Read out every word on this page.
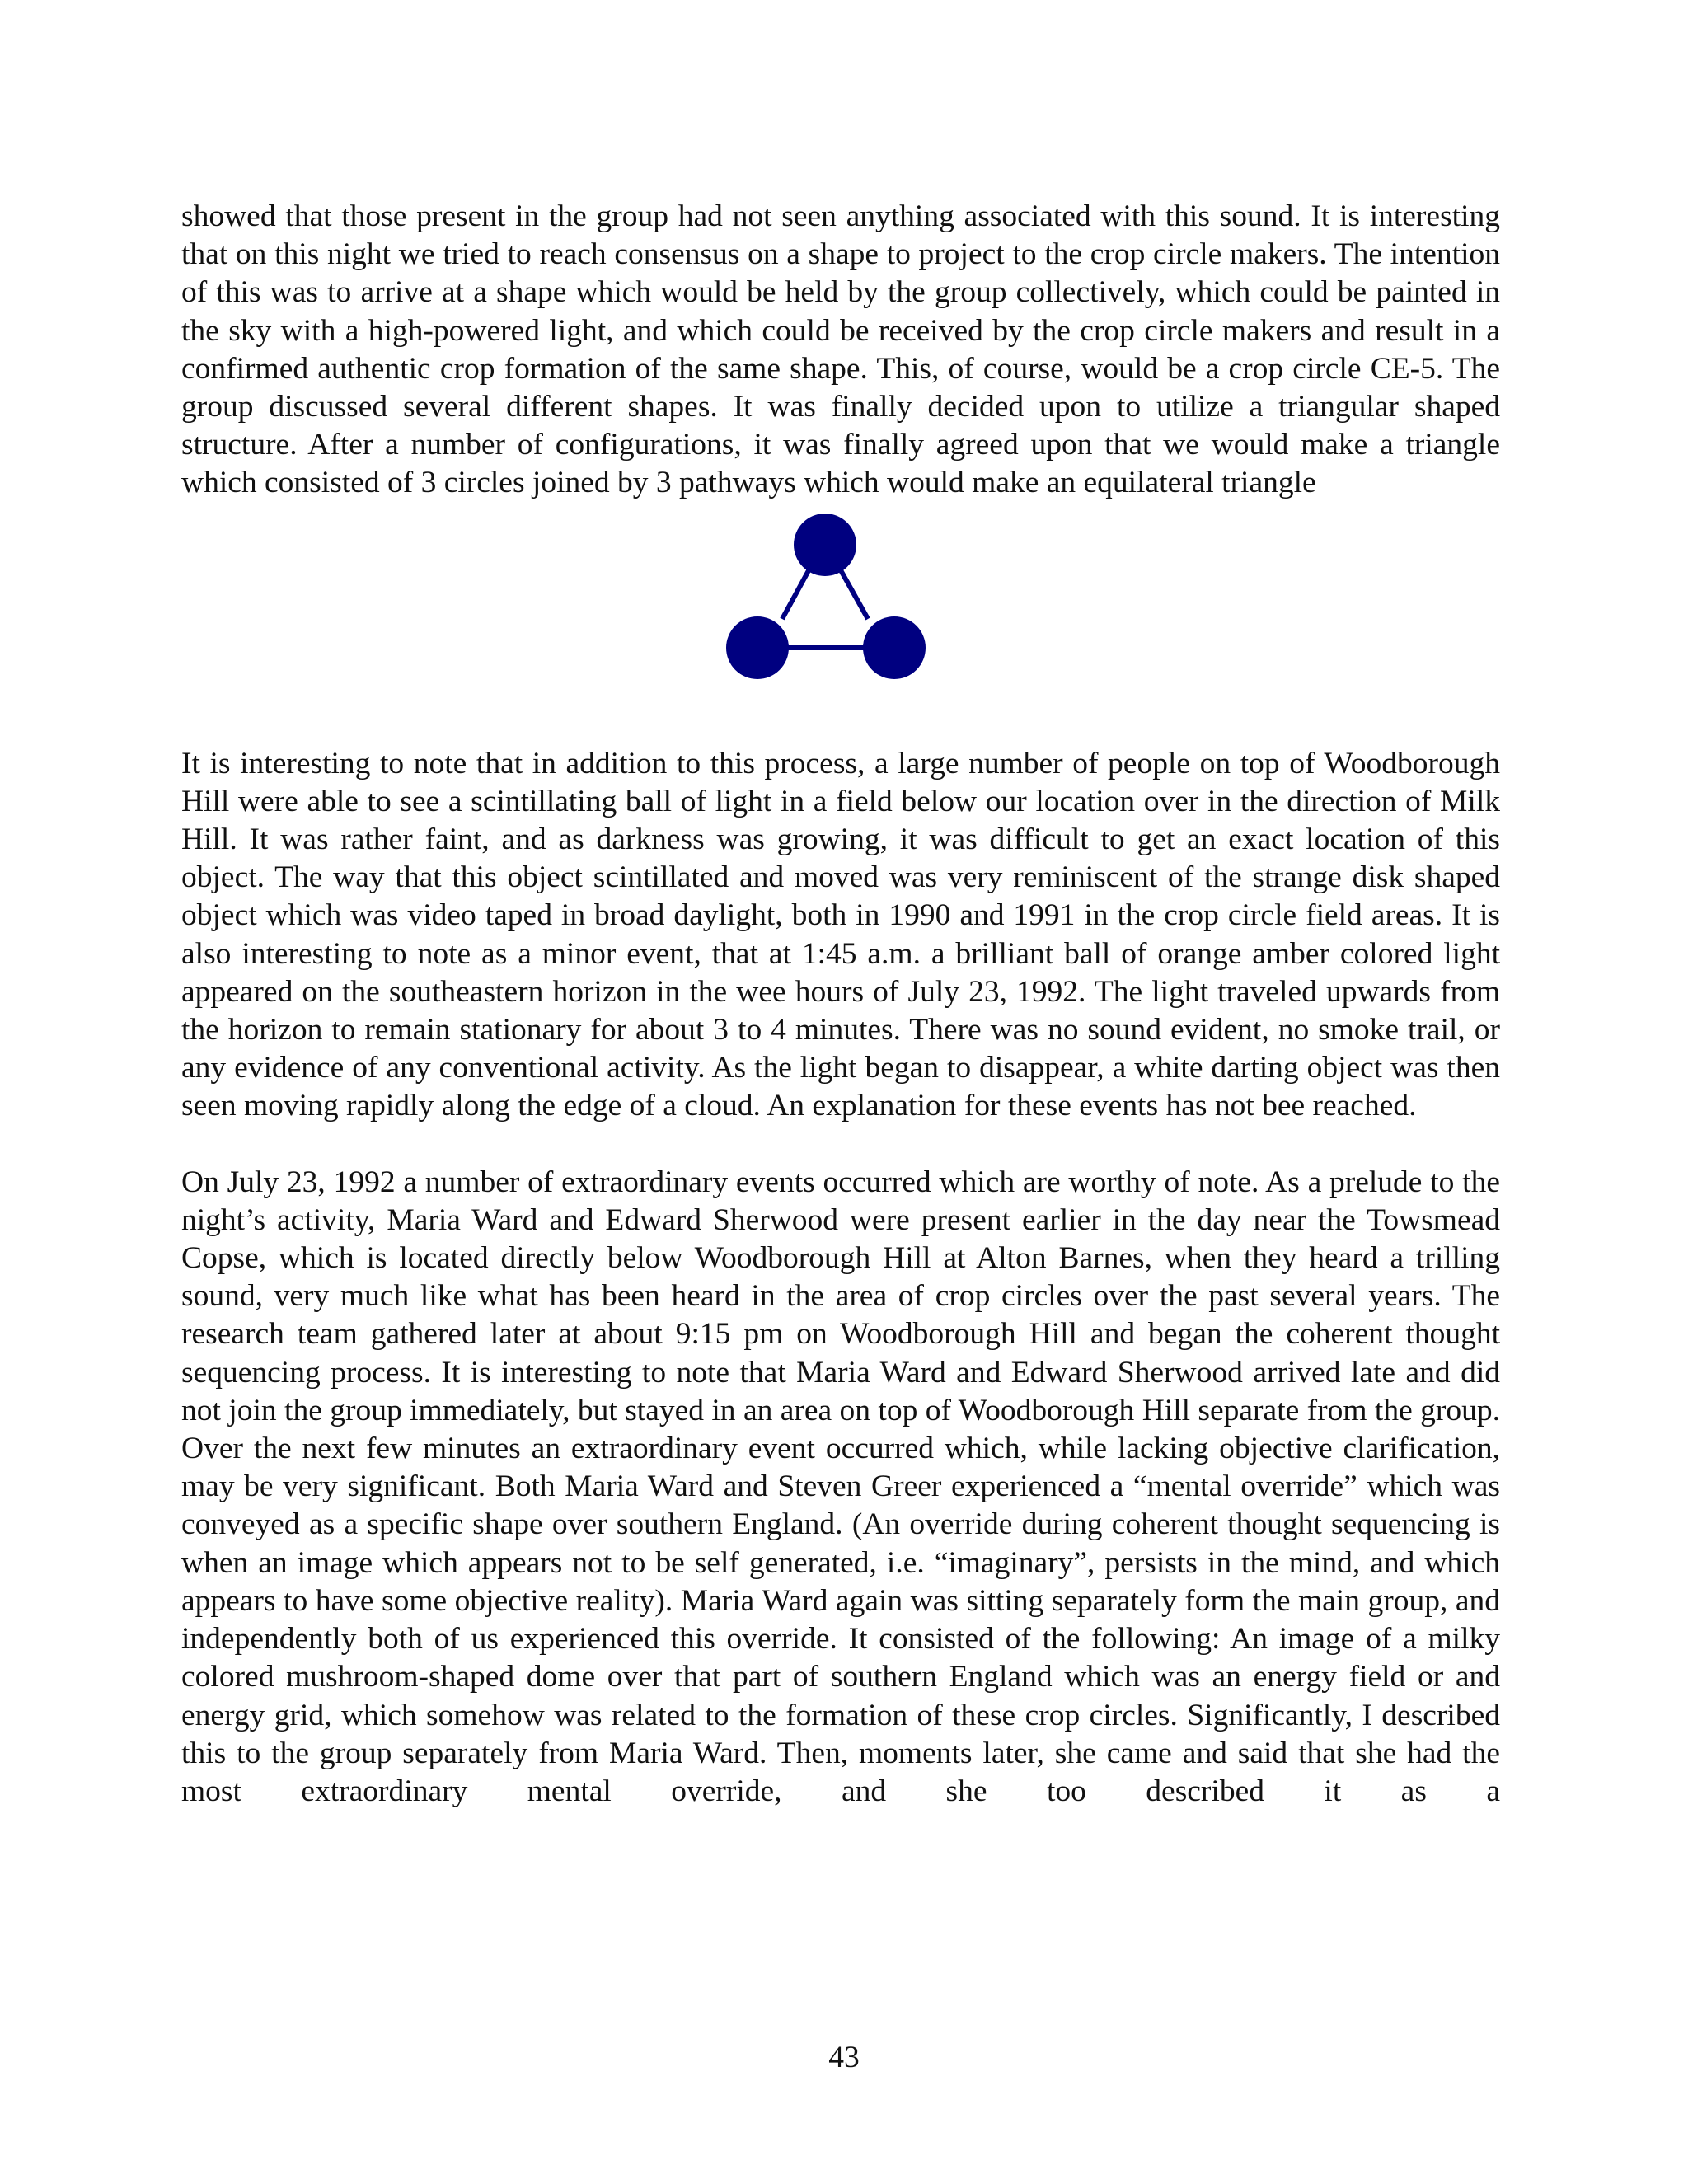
showed that those present in the group had not seen anything associated with this sound. It is interesting that on this night we tried to reach consensus on a shape to project to the crop circle makers. The intention of this was to arrive at a shape which would be held by the group collectively, which could be painted in the sky with a high-powered light, and which could be received by the crop circle makers and result in a confirmed authentic crop formation of the same shape. This, of course, would be a crop circle CE-5. The group discussed several different shapes. It was finally decided upon to utilize a triangular shaped structure. After a number of configurations, it was finally agreed upon that we would make a triangle which consisted of 3 circles joined by 3 pathways which would make an equilateral triangle

It is interesting to note that in addition to this process, a large number of people on top of Woodborough Hill were able to see a scintillating ball of light in a field below our location over in the direction of Milk Hill. It was rather faint, and as darkness was growing, it was difficult to get an exact location of this object. The way that this object scintillated and moved was very reminiscent of the strange disk shaped object which was video taped in broad daylight, both in 1990 and 1991 in the crop circle field areas. It is also interesting to note as a minor event, that at 1:45 a.m. a brilliant ball of orange amber colored light appeared on the southeastern horizon in the wee hours of July 23, 1992. The light traveled upwards from the horizon to remain stationary for about 3 to 4 minutes. There was no sound evident, no smoke trail, or any evidence of any conventional activity. As the light began to disappear, a white darting object was then seen moving rapidly along the edge of a cloud. An explanation for these events has not bee reached.

On July 23, 1992 a number of extraordinary events occurred which are worthy of note. As a prelude to the night’s activity, Maria Ward and Edward Sherwood were present earlier in the day near the Towsmead Copse, which is located directly below Woodborough Hill at Alton Barnes, when they heard a trilling sound, very much like what has been heard in the area of crop circles over the past several years. The research team gathered later at about 9:15 pm on Woodborough Hill and began the coherent thought sequencing process. It is interesting to note that Maria Ward and Edward Sherwood arrived late and did not join the group immediately, but stayed in an area on top of Woodborough Hill separate from the group. Over the next few minutes an extraordinary event occurred which, while lacking objective clarification, may be very significant. Both Maria Ward and Steven Greer experienced a “mental override” which was conveyed as a specific shape over southern England. (An override during coherent thought sequencing is when an image which appears not to be self generated, i.e. “imaginary”, persists in the mind, and which appears to have some objective reality). Maria Ward again was sitting separately form the main group, and independently both of us experienced this override. It consisted of the following: An image of a milky colored mushroom-shaped dome over that part of southern England which was an energy field or and energy grid, which somehow was related to the formation of these crop circles. Significantly, I described this to the group separately from Maria Ward. Then, moments later, she came and said that she had the most extraordinary mental override, and she too described it as a

43
